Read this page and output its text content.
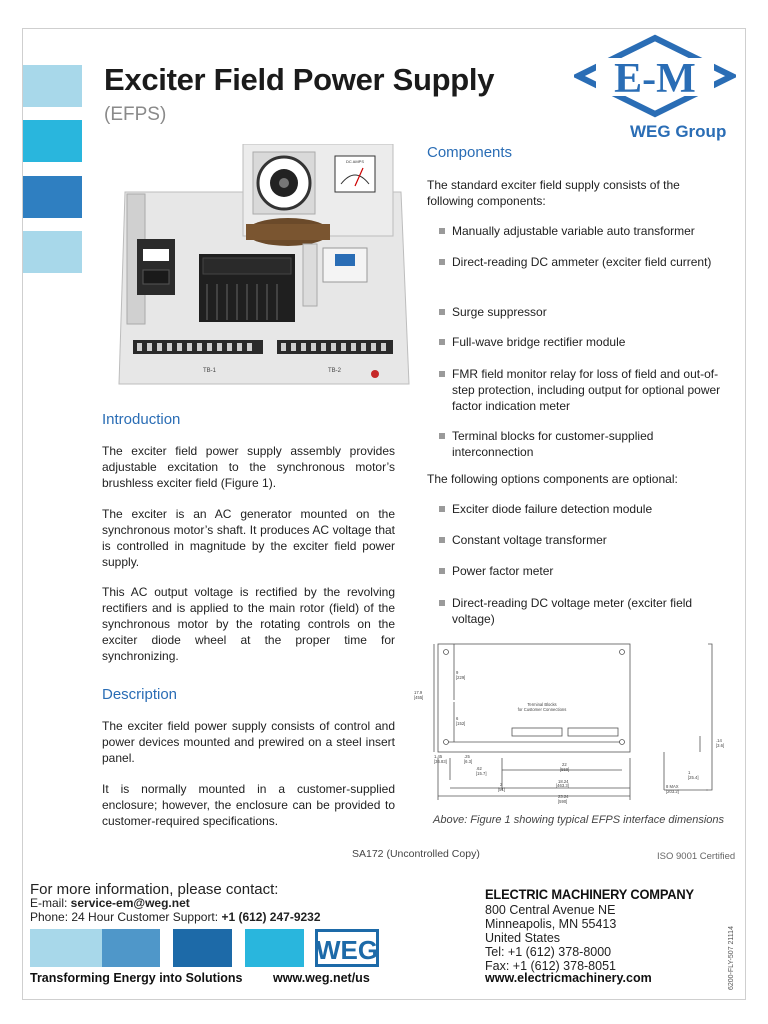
Exciter Field Power Supply
(EFPS)
E-M
WEG Group
DC AMPS
TB-1	TB-2
Introduction
The exciter field power supply assembly provides adjustable excitation to the synchronous motor’s brushless exciter field (Figure 1).
The exciter is an AC generator mounted on the synchronous motor’s shaft. It produces AC voltage that is controlled in magnitude by the exciter field power supply.
This AC output voltage is rectified by the revolving rectifiers and is applied to the main rotor (field) of the synchronous motor by the rotating controls on the exciter diode wheel at the proper time for synchronizing.
Description
The exciter field power supply consists of control and power devices mounted and prewired on a steel insert panel.
It is normally mounted in a customer-supplied enclosure; however, the enclosure can be provided to customer-required specifications.
Components
The standard exciter field supply consists of the following components:
Manually adjustable variable auto transformer
Direct-reading DC ammeter (exciter field current)
Surge suppressor
Full-wave bridge rectifier module
FMR field monitor relay for loss of field and out-of-step protection, including output for optional power factor indication meter
Terminal blocks for customer-supplied interconnection
The following options components are optional:
Exciter diode failure detection module
Constant voltage transformer
Power factor meter
Direct-reading DC voltage meter (exciter field voltage)
Terminal Blocks
for Customer Connections
17.9
[455]
9
[229]
6
[152]
1.45
[36.83]
.25
[6.3]
.62
[15.7]
2
[51]
22
[559]
18.24
[463.3]
23.24
[590]
.14
[3.6]
1
[25.4]
8 MAX
[203.2]
Above: Figure 1 showing typical EFPS interface dimensions
SA172 (Uncontrolled Copy)	ISO 9001 Certified
For more information, please contact:
E-mail: service-em@weg.net
Phone: 24 Hour Customer Support: +1 (612) 247-9232
WEG
Transforming Energy into Solutions www.weg.net/us
ELECTRIC MACHINERY COMPANY
800 Central Avenue NE
Minneapolis, MN 55413
United States
Tel: +1 (612) 378-8000
Fax: +1 (612) 378-8051
www.electricmachinery.com	6200-FLY-507 21114
